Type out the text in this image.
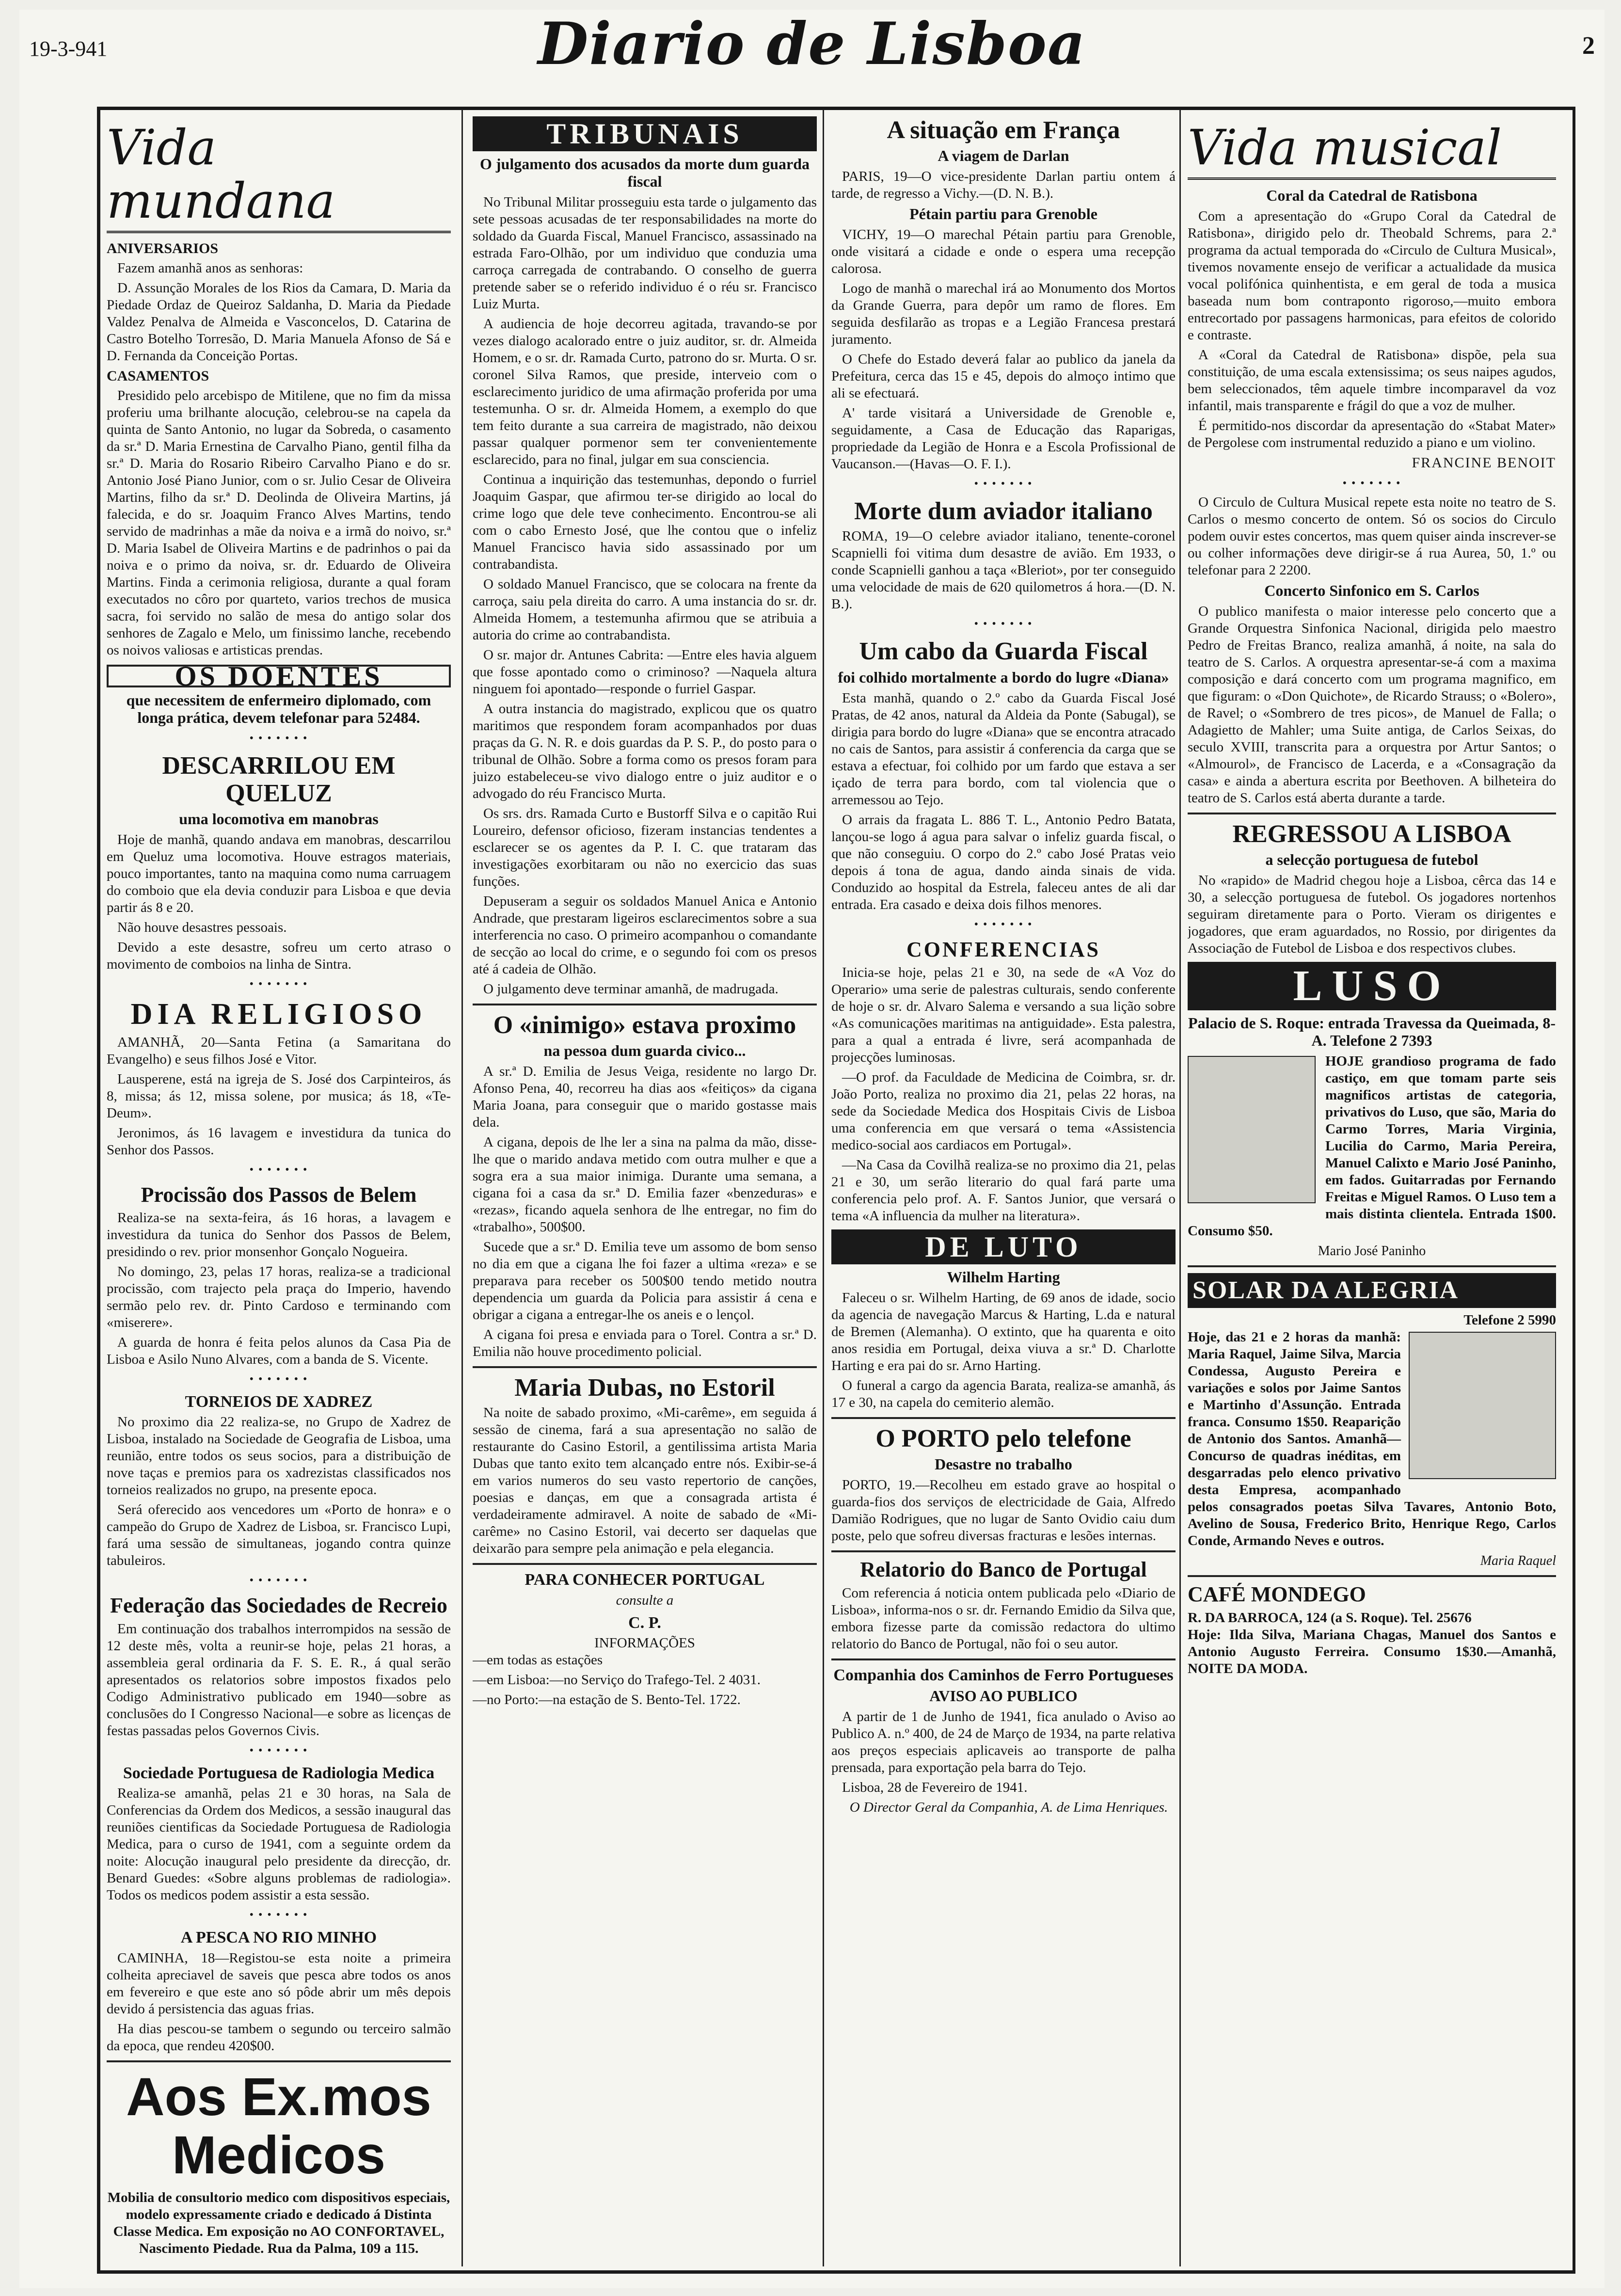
19-3-941	Diario de Lisboa	2
Vida mundana

ANIVERSARIOS

Fazem amanhã anos as senhoras:

D. Assunção Morales de los Rios da Camara, D. Maria da Piedade Ordaz de Queiroz Saldanha, D. Maria da Piedade Valdez Penalva de Almeida e Vasconcelos, D. Catarina de Castro Botelho Torresão, D. Maria Manuela Afonso de Sá e D. Fernanda da Conceição Portas.

CASAMENTOS

Presidido pelo arcebispo de Mitilene, que no fim da missa proferiu uma brilhante alocução, celebrou-se na capela da quinta de Santo Antonio, no lugar da Sobreda, o casamento da sr.ª D. Maria Ernestina de Carvalho Piano, gentil filha da sr.ª D. Maria do Rosario Ribeiro Carvalho Piano e do sr. Antonio José Piano Junior, com o sr. Julio Cesar de Oliveira Martins, filho da sr.ª D. Deolinda de Oliveira Martins, já falecida, e do sr. Joaquim Franco Alves Martins, tendo servido de madrinhas a mãe da noiva e a irmã do noivo, sr.ª D. Maria Isabel de Oliveira Martins e de padrinhos o pai da noiva e o primo da noiva, sr. dr. Eduardo de Oliveira Martins. Finda a cerimonia religiosa, durante a qual foram executados no côro por quarteto, varios trechos de musica sacra, foi servido no salão de mesa do antigo solar dos senhores de Zagalo e Melo, um finissimo lanche, recebendo os noivos valiosas e artisticas prendas.

OS DOENTES
que necessitem de enfermeiro diplomado, com longa prática, devem telefonar para 52484.
• • • • • • •
DESCARRILOU EM QUELUZ
uma locomotiva em manobras

Hoje de manhã, quando andava em manobras, descarrilou em Queluz uma locomotiva. Houve estragos materiais, pouco importantes, tanto na maquina como numa carruagem do comboio que ela devia conduzir para Lisboa e que devia partir ás 8 e 20.

Não houve desastres pessoais.

Devido a este desastre, sofreu um certo atraso o movimento de comboios na linha de Sintra.

• • • • • • •
DIA RELIGIOSO

AMANHÃ, 20—Santa Fetina (a Samaritana do Evangelho) e seus filhos José e Vitor.

Lausperene, está na igreja de S. José dos Carpinteiros, ás 8, missa; ás 12, missa solene, por musica; ás 18, «Te-Deum».

Jeronimos, ás 16 lavagem e investidura da tunica do Senhor dos Passos.

• • • • • • •
Procissão dos Passos de Belem

Realiza-se na sexta-feira, ás 16 horas, a lavagem e investidura da tunica do Senhor dos Passos de Belem, presidindo o rev. prior monsenhor Gonçalo Nogueira.

No domingo, 23, pelas 17 horas, realiza-se a tradicional procissão, com trajecto pela praça do Imperio, havendo sermão pelo rev. dr. Pinto Cardoso e terminando com «miserere».

A guarda de honra é feita pelos alunos da Casa Pia de Lisboa e Asilo Nuno Alvares, com a banda de S. Vicente.

• • • • • • •
TORNEIOS DE XADREZ

No proximo dia 22 realiza-se, no Grupo de Xadrez de Lisboa, instalado na Sociedade de Geografia de Lisboa, uma reunião, entre todos os seus socios, para a distribuição de nove taças e premios para os xadrezistas classificados nos torneios realizados no grupo, na presente epoca.

Será oferecido aos vencedores um «Porto de honra» e o campeão do Grupo de Xadrez de Lisboa, sr. Francisco Lupi, fará uma sessão de simultaneas, jogando contra quinze tabuleiros.

• • • • • • •
Federação das Sociedades de Recreio

Em continuação dos trabalhos interrompidos na sessão de 12 deste mês, volta a reunir-se hoje, pelas 21 horas, a assembleia geral ordinaria da F. S. E. R., á qual serão apresentados os relatorios sobre impostos fixados pelo Codigo Administrativo publicado em 1940—sobre as conclusões do I Congresso Nacional—e sobre as licenças de festas passadas pelos Governos Civis.

• • • • • • •
Sociedade Portuguesa de Radiologia Medica

Realiza-se amanhã, pelas 21 e 30 horas, na Sala de Conferencias da Ordem dos Medicos, a sessão inaugural das reuniões cientificas da Sociedade Portuguesa de Radiologia Medica, para o curso de 1941, com a seguinte ordem da noite: Alocução inaugural pelo presidente da direcção, dr. Benard Guedes: «Sobre alguns problemas de radiologia». Todos os medicos podem assistir a esta sessão.

• • • • • • •
A PESCA NO RIO MINHO

CAMINHA, 18—Registou-se esta noite a primeira colheita apreciavel de saveis que pesca abre todos os anos em fevereiro e que este ano só pôde abrir um mês depois devido á persistencia das aguas frias.

Ha dias pescou-se tambem o segundo ou terceiro salmão da epoca, que rendeu 420$00.

Aos Ex.mos Medicos

Mobilia de consultorio medico com dispositivos especiais, modelo expressamente criado e dedicado á Distinta Classe Medica. Em exposição no AO CONFORTAVEL, Nascimento Piedade. Rua da Palma, 109 a 115.

TRIBUNAIS
O julgamento dos acusados da morte dum guarda fiscal

No Tribunal Militar prosseguiu esta tarde o julgamento das sete pessoas acusadas de ter responsabilidades na morte do soldado da Guarda Fiscal, Manuel Francisco, assassinado na estrada Faro-Olhão, por um individuo que conduzia uma carroça carregada de contrabando. O conselho de guerra pretende saber se o referido individuo é o réu sr. Francisco Luiz Murta.

A audiencia de hoje decorreu agitada, travando-se por vezes dialogo acalorado entre o juiz auditor, sr. dr. Almeida Homem, e o sr. dr. Ramada Curto, patrono do sr. Murta. O sr. coronel Silva Ramos, que preside, interveio com o esclarecimento juridico de uma afirmação proferida por uma testemunha. O sr. dr. Almeida Homem, a exemplo do que tem feito durante a sua carreira de magistrado, não deixou passar qualquer pormenor sem ter convenientemente esclarecido, para no final, julgar em sua consciencia.

Continua a inquirição das testemunhas, depondo o furriel Joaquim Gaspar, que afirmou ter-se dirigido ao local do crime logo que dele teve conhecimento. Encontrou-se ali com o cabo Ernesto José, que lhe contou que o infeliz Manuel Francisco havia sido assassinado por um contrabandista.

O soldado Manuel Francisco, que se colocara na frente da carroça, saiu pela direita do carro. A uma instancia do sr. dr. Almeida Homem, a testemunha afirmou que se atribuia a autoria do crime ao contrabandista.

O sr. major dr. Antunes Cabrita: —Entre eles havia alguem que fosse apontado como o criminoso? —Naquela altura ninguem foi apontado—responde o furriel Gaspar.

A outra instancia do magistrado, explicou que os quatro maritimos que respondem foram acompanhados por duas praças da G. N. R. e dois guardas da P. S. P., do posto para o tribunal de Olhão. Sobre a forma como os presos foram para juizo estabeleceu-se vivo dialogo entre o juiz auditor e o advogado do réu Francisco Murta.

Os srs. drs. Ramada Curto e Bustorff Silva e o capitão Rui Loureiro, defensor oficioso, fizeram instancias tendentes a esclarecer se os agentes da P. I. C. que trataram das investigações exorbitaram ou não no exercicio das suas funções.

Depuseram a seguir os soldados Manuel Anica e Antonio Andrade, que prestaram ligeiros esclarecimentos sobre a sua interferencia no caso. O primeiro acompanhou o comandante de secção ao local do crime, e o segundo foi com os presos até á cadeia de Olhão.

O julgamento deve terminar amanhã, de madrugada.

O «inimigo» estava proximo
na pessoa dum guarda civico...

A sr.ª D. Emilia de Jesus Veiga, residente no largo Dr. Afonso Pena, 40, recorreu ha dias aos «feitiços» da cigana Maria Joana, para conseguir que o marido gostasse mais dela.

A cigana, depois de lhe ler a sina na palma da mão, disse-lhe que o marido andava metido com outra mulher e que a sogra era a sua maior inimiga. Durante uma semana, a cigana foi a casa da sr.ª D. Emilia fazer «benzeduras» e «rezas», ficando aquela senhora de lhe entregar, no fim do «trabalho», 500$00.

Sucede que a sr.ª D. Emilia teve um assomo de bom senso no dia em que a cigana lhe foi fazer a ultima «reza» e se preparava para receber os 500$00 tendo metido noutra dependencia um guarda da Policia para assistir á cena e obrigar a cigana a entregar-lhe os aneis e o lençol.

A cigana foi presa e enviada para o Torel. Contra a sr.ª D. Emilia não houve procedimento policial.

Maria Dubas, no Estoril

Na noite de sabado proximo, «Mi-carême», em seguida á sessão de cinema, fará a sua apresentação no salão de restaurante do Casino Estoril, a gentilissima artista Maria Dubas que tanto exito tem alcançado entre nós. Exibir-se-á em varios numeros do seu vasto repertorio de canções, poesias e danças, em que a consagrada artista é verdadeiramente admiravel. A noite de sabado de «Mi-carême» no Casino Estoril, vai decerto ser daquelas que deixarão para sempre pela animação e pela elegancia.

PARA CONHECER PORTUGAL
consulte a
C. P.
INFORMAÇÕES

—em todas as estações

—em Lisboa:—no Serviço do Trafego-Tel. 2 4031.

—no Porto:—na estação de S. Bento-Tel. 1722.

A situação em França
A viagem de Darlan

PARIS, 19—O vice-presidente Darlan partiu ontem á tarde, de regresso a Vichy.—(D. N. B.).

Pétain partiu para Grenoble

VICHY, 19—O marechal Pétain partiu para Grenoble, onde visitará a cidade e onde o espera uma recepção calorosa.

Logo de manhã o marechal irá ao Monumento dos Mortos da Grande Guerra, para depôr um ramo de flores. Em seguida desfilarão as tropas e a Legião Francesa prestará juramento.

O Chefe do Estado deverá falar ao publico da janela da Prefeitura, cerca das 15 e 45, depois do almoço intimo que ali se efectuará.

A' tarde visitará a Universidade de Grenoble e, seguidamente, a Casa de Educação das Raparigas, propriedade da Legião de Honra e a Escola Profissional de Vaucanson.—(Havas—O. F. I.).

• • • • • • •
Morte dum aviador italiano

ROMA, 19—O celebre aviador italiano, tenente-coronel Scapnielli foi vitima dum desastre de avião. Em 1933, o conde Scapnielli ganhou a taça «Bleriot», por ter conseguido uma velocidade de mais de 620 quilometros á hora.—(D. N. B.).

• • • • • • •
Um cabo da Guarda Fiscal
foi colhido mortalmente a bordo do lugre «Diana»

Esta manhã, quando o 2.º cabo da Guarda Fiscal José Pratas, de 42 anos, natural da Aldeia da Ponte (Sabugal), se dirigia para bordo do lugre «Diana» que se encontra atracado no cais de Santos, para assistir á conferencia da carga que se estava a efectuar, foi colhido por um fardo que estava a ser içado de terra para bordo, com tal violencia que o arremessou ao Tejo.

O arrais da fragata L. 886 T. L., Antonio Pedro Batata, lançou-se logo á agua para salvar o infeliz guarda fiscal, o que não conseguiu. O corpo do 2.º cabo José Pratas veio depois á tona de agua, dando ainda sinais de vida. Conduzido ao hospital da Estrela, faleceu antes de ali dar entrada. Era casado e deixa dois filhos menores.

• • • • • • •
CONFERENCIAS

Inicia-se hoje, pelas 21 e 30, na sede de «A Voz do Operario» uma serie de palestras culturais, sendo conferente de hoje o sr. dr. Alvaro Salema e versando a sua lição sobre «As comunicações maritimas na antiguidade». Esta palestra, para a qual a entrada é livre, será acompanhada de projecções luminosas.

—O prof. da Faculdade de Medicina de Coimbra, sr. dr. João Porto, realiza no proximo dia 21, pelas 22 horas, na sede da Sociedade Medica dos Hospitais Civis de Lisboa uma conferencia em que versará o tema «Assistencia medico-social aos cardiacos em Portugal».

—Na Casa da Covilhã realiza-se no proximo dia 21, pelas 21 e 30, um serão literario do qual fará parte uma conferencia pelo prof. A. F. Santos Junior, que versará o tema «A influencia da mulher na literatura».

DE LUTO
Wilhelm Harting

Faleceu o sr. Wilhelm Harting, de 69 anos de idade, socio da agencia de navegação Marcus & Harting, L.da e natural de Bremen (Alemanha). O extinto, que ha quarenta e oito anos residia em Portugal, deixa viuva a sr.ª D. Charlotte Harting e era pai do sr. Arno Harting.

O funeral a cargo da agencia Barata, realiza-se amanhã, ás 17 e 30, na capela do cemiterio alemão.

O PORTO pelo telefone
Desastre no trabalho

PORTO, 19.—Recolheu em estado grave ao hospital o guarda-fios dos serviços de electricidade de Gaia, Alfredo Damião Rodrigues, que no lugar de Santo Ovidio caiu dum poste, pelo que sofreu diversas fracturas e lesões internas.

Relatorio do Banco de Portugal

Com referencia á noticia ontem publicada pelo «Diario de Lisboa», informa-nos o sr. dr. Fernando Emidio da Silva que, embora fizesse parte da comissão redactora do ultimo relatorio do Banco de Portugal, não foi o seu autor.

Companhia dos Caminhos de Ferro Portugueses
AVISO AO PUBLICO

A partir de 1 de Junho de 1941, fica anulado o Aviso ao Publico A. n.º 400, de 24 de Março de 1934, na parte relativa aos preços especiais aplicaveis ao transporte de palha prensada, para exportação pela barra do Tejo.

Lisboa, 28 de Fevereiro de 1941.

O Director Geral da Companhia, A. de Lima Henriques.

Vida musical
Coral da Catedral de Ratisbona

Com a apresentação do «Grupo Coral da Catedral de Ratisbona», dirigido pelo dr. Theobald Schrems, para 2.ª programa da actual temporada do «Circulo de Cultura Musical», tivemos novamente ensejo de verificar a actualidade da musica vocal polifónica quinhentista, e em geral de toda a musica baseada num bom contraponto rigoroso,—muito embora entrecortado por passagens harmonicas, para efeitos de colorido e contraste.

A «Coral da Catedral de Ratisbona» dispõe, pela sua constituição, de uma escala extensissima; os seus naipes agudos, bem seleccionados, têm aquele timbre incomparavel da voz infantil, mais transparente e frágil do que a voz de mulher.

É permitido-nos discordar da apresentação do «Stabat Mater» de Pergolese com instrumental reduzido a piano e um violino.

FRANCINE BENOIT
• • • • • • •

O Circulo de Cultura Musical repete esta noite no teatro de S. Carlos o mesmo concerto de ontem. Só os socios do Circulo podem ouvir estes concertos, mas quem quiser ainda inscrever-se ou colher informações deve dirigir-se á rua Aurea, 50, 1.º ou telefonar para 2 2200.

Concerto Sinfonico em S. Carlos

O publico manifesta o maior interesse pelo concerto que a Grande Orquestra Sinfonica Nacional, dirigida pelo maestro Pedro de Freitas Branco, realiza amanhã, á noite, na sala do teatro de S. Carlos. A orquestra apresentar-se-á com a maxima composição e dará concerto com um programa magnifico, em que figuram: o «Don Quichote», de Ricardo Strauss; o «Bolero», de Ravel; o «Sombrero de tres picos», de Manuel de Falla; o Adagietto de Mahler; uma Suite antiga, de Carlos Seixas, do seculo XVIII, transcrita para a orquestra por Artur Santos; o «Almourol», de Francisco de Lacerda, e a «Consagração da casa» e ainda a abertura escrita por Beethoven. A bilheteira do teatro de S. Carlos está aberta durante a tarde.

REGRESSOU A LISBOA
a selecção portuguesa de futebol

No «rapido» de Madrid chegou hoje a Lisboa, cêrca das 14 e 30, a selecção portuguesa de futebol. Os jogadores nortenhos seguiram diretamente para o Porto. Vieram os dirigentes e jogadores, que eram aguardados, no Rossio, por dirigentes da Associação de Futebol de Lisboa e dos respectivos clubes.

LUSO
Palacio de S. Roque: entrada Travessa da Queimada, 8-A. Telefone 2 7393

HOJE grandioso programa de fado castiço, em que tomam parte seis magnificos artistas de categoria, privativos do Luso, que são, Maria do Carmo Torres, Maria Virginia, Lucilia do Carmo, Maria Pereira, Manuel Calixto e Mario José Paninho, em fados. Guitarradas por Fernando Freitas e Miguel Ramos. O Luso tem a mais distinta clientela. Entrada 1$00. Consumo $50.

Mario José Paninho
SOLAR DA ALEGRIA
Telefone 2 5990

Hoje, das 21 e 2 horas da manhã: Maria Raquel, Jaime Silva, Marcia Condessa, Augusto Pereira e variações e solos por Jaime Santos e Martinho d'Assunção. Entrada franca. Consumo 1$50. Reaparição de Antonio dos Santos. Amanhã—Concurso de quadras inéditas, em desgarradas pelo elenco privativo desta Empresa, acompanhado pelos consagrados poetas Silva Tavares, Antonio Boto, Avelino de Sousa, Frederico Brito, Henrique Rego, Carlos Conde, Armando Neves e outros.

Maria Raquel
CAFÉ MONDEGO
R. DA BARROCA, 124 (a S. Roque). Tel. 25676

Hoje: Ilda Silva, Mariana Chagas, Manuel dos Santos e Antonio Augusto Ferreira. Consumo 1$30.—Amanhã, NOITE DA MODA.
